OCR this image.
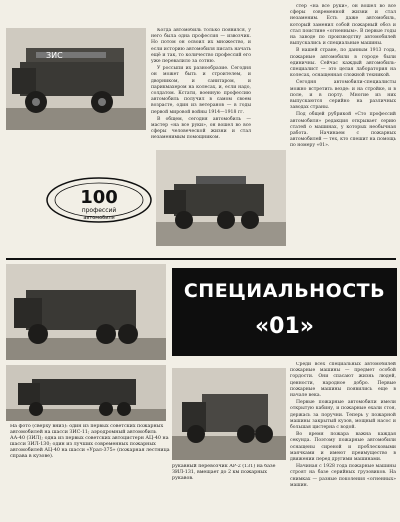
ЗИС

Когда автомобиль только появился, у него была одна профессия — извозчик. Но потом он освоил их множество, и если историю автомобиля писать начать ещё и так, то количество профессий его уже перевалило за сотню.

У россыпи их разнообразие. Сегодня он может быть и строителем, и дворником, и санитаром, и парикмахером на колесах, и, если надо, солдатом. Кстати, военную профессию автомобиль получил в самом своем возрасте, один из ветеранов — в годы первой мировой войны 1914—1918 гг.

В общем, сегодня автомобиль — мастер «на все руки», он вошел во все сферы человеческой жизни и стал незаменимым помощником.

стер «на все руки», он вошел во все сферы современной жизни и стал незаменим. Есть даже автомобиль, который заменил собой пожарный обоз и стал поистине «огненным». В первые годы на заводе по производству автомобилей выпускались и специальные машины.

В нашей стране, по данным 1913 года, пожарные автомобили в городе были единичны. Сейчас каждый автомобиль-специалист — это целая лаборатория на колесах, оснащенная сложной техникой.

Сегодня автомобили-специалисты можно встретить везде: и на стройке, и в поле, и в порту. Многие из них выпускаются серийно на различных заводах страны.

Под общей рубрикой «Сто профессий автомобиля» редакция открывает серию статей о машинах, у которых необычная работа. Начинаем с пожарных автомобилей — тех, кто спешит на помощь по номеру «01».

100
профессий
автомобиля
СПЕЦИАЛЬНОСТЬ
«01»

Среди всех специальных автомобилей пожарные машины — предмет особой гордости. Они спасают жизнь людей, ценности, народное добро. Первые пожарные машины появились еще в начале века.

Первые пожарные автомобили имели открытую кабину, и пожарные ехали стоя, держась за поручни. Теперь у пожарной машины закрытый кузов, мощный насос и большая цистерна с водой.

Во время пожара важна каждая секунда. Поэтому пожарные автомобили оснащены сиреной и проблесковыми маячками и имеют преимущество в движении перед другими машинами.

Начиная с 1928 года пожарные машины строят на базе серийных грузовиков. На снимках — разные поколения «огненных» машин.

На фото (сверху вниз): один из первых советских пожарных автомобилей на шасси ЗИС-11; аэродромный автомобиль АА-40 (ЗИЛ); одна из первых советских автоцистерн АЦ-40 на шасси ЗИЛ-130; один из лучших современных пожарных автомобилей АЦ-40 на шасси «Урал-375» (пожарная лестница справа в кузове).
рукавный перевозчик АР-2 (131) на базе ЗИЛ-131, вмещает до 2 км пожарных рукавов.
